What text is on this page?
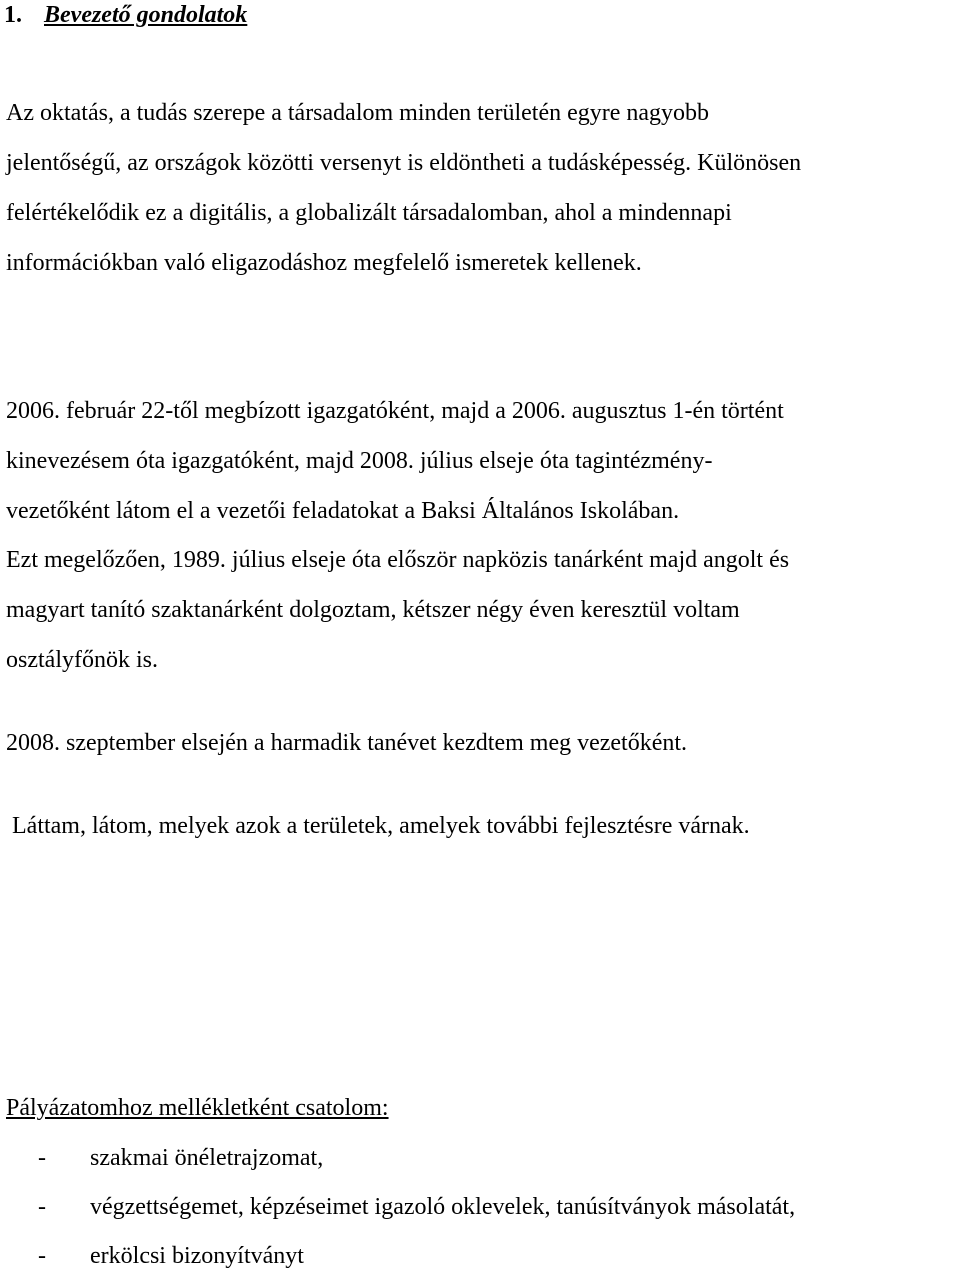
1. Bevezető gondolatok
Az oktatás, a tudás szerepe a társadalom minden területén egyre nagyobb
jelentőségű, az országok közötti versenyt is eldöntheti a tudásképesség. Különösen
felértékelődik ez a digitális, a globalizált társadalomban, ahol a mindennapi
információkban való eligazodáshoz megfelelő ismeretek kellenek.
2006. február 22-től megbízott igazgatóként, majd a 2006. augusztus 1-én történt
kinevezésem óta igazgatóként, majd 2008. július elseje óta tagintézmény-
vezetőként látom el a vezetői feladatokat a Baksi Általános Iskolában.
Ezt megelőzően, 1989. július elseje óta először napközis tanárként majd angolt és
magyart tanító szaktanárként dolgoztam, kétszer négy éven keresztül voltam
osztályfőnök is.
2008. szeptember elsején a harmadik tanévet kezdtem meg vezetőként.
Láttam, látom, melyek azok a területek, amelyek további fejlesztésre várnak.
Pályázatomhoz mellékletként csatolom:
- szakmai önéletrajzomat,
- végzettségemet, képzéseimet igazoló oklevelek, tanúsítványok másolatát,
- erkölcsi bizonyítványt
